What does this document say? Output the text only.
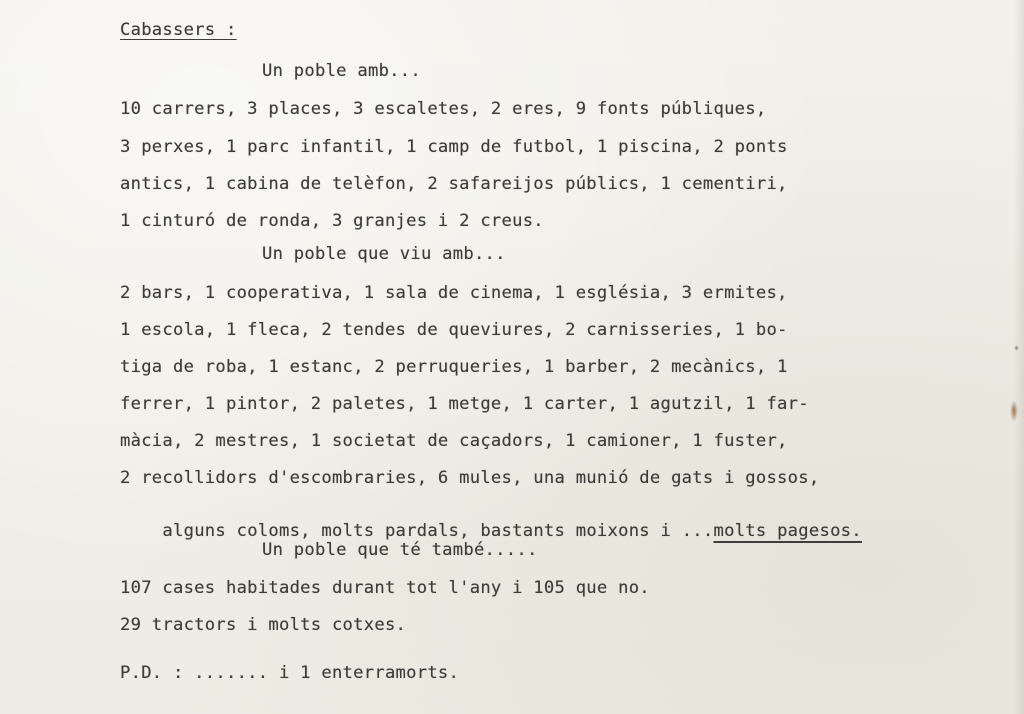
Cabassers :
Un poble amb...
10 carrers, 3 places, 3 escaletes, 2 eres, 9 fonts públiques,
3 perxes, 1 parc infantil, 1 camp de futbol, 1 piscina, 2 ponts
antics, 1 cabina de telèfon, 2 safareijos públics, 1 cementiri,
1 cinturó de ronda, 3 granjes i 2 creus.
Un poble que viu amb...
2 bars, 1 cooperativa, 1 sala de cinema, 1 església, 3 ermites,
1 escola, 1 fleca, 2 tendes de queviures, 2 carnisseries, 1 bo-
tiga de roba, 1 estanc, 2 perruqueries, 1 barber, 2 mecànics, 1
ferrer, 1 pintor, 2 paletes, 1 metge, 1 carter, 1 agutzil, 1 far-
màcia, 2 mestres, 1 societat de caçadors, 1 camioner, 1 fuster,
2 recollidors d'escombraries, 6 mules, una munió de gats i gossos,

alguns coloms, molts pardals, bastants moixons i ...molts pagesos.

Un poble que té també.....
107 cases habitades durant tot l'any i 105 que no.
29 tractors i molts cotxes.
P.D. : ....... i 1 enterramorts.
